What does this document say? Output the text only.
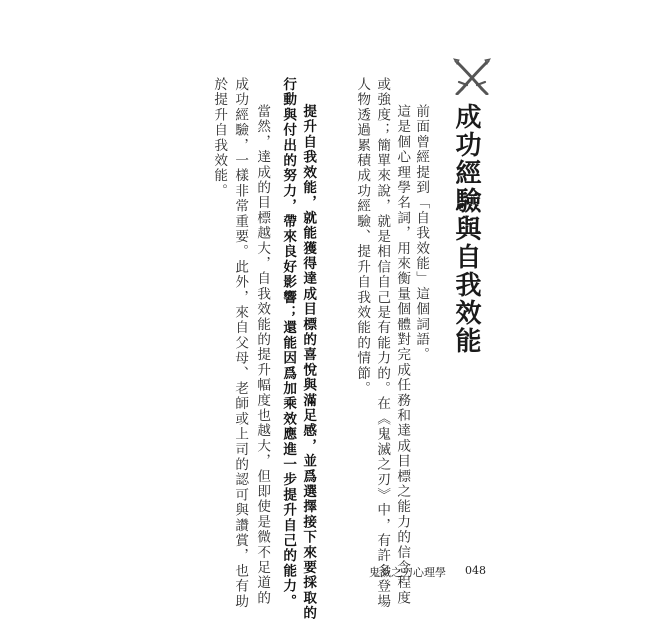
成功經驗與自我效能

前面曾經提到「自我效能」這個詞語。

這是個心理學名詞，用來衡量個體對完成任務和達成目標之能力的信念程度

或強度；簡單來說，就是相信自己是有能力的。在《鬼滅之刃》中，有許多登場

人物透過累積成功經驗、提升自我效能的情節。

提升自我效能，就能獲得達成目標的喜悅與滿足感，並爲選擇接下來要採取的

行動與付出的努力，帶來良好影響；還能因爲加乘效應進一步提升自己的能力。

當然，達成的目標越大，自我效能的提升幅度也越大，但即使是微不足道的

成功經驗，一樣非常重要。此外，來自父母、老師或上司的認可與讚賞，也有助

於提升自我效能。

鬼滅之刃心理學 048
